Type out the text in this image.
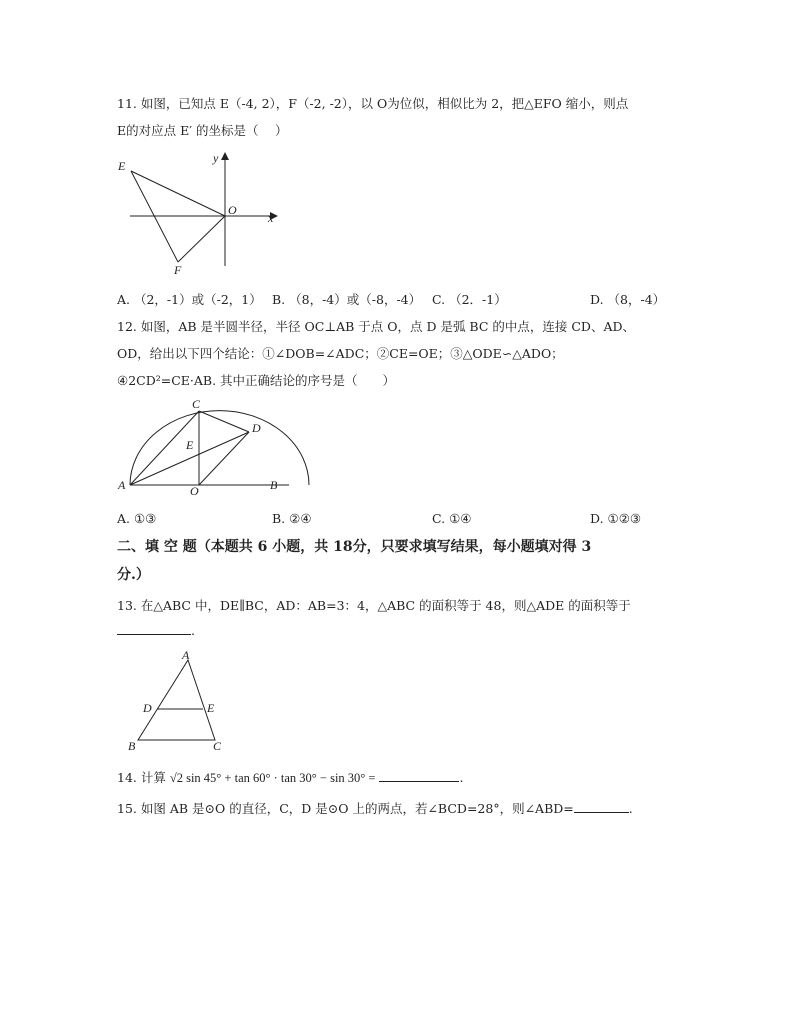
11. 如图，已知点 E（-4, 2），F（-2, -2），以 O为位似，相似比为 2，把△EFO 缩小，则点
E的对应点 E′ 的坐标是（　 ）
E
F
O
x
y
A. （2，-1）或（-2，1） B. （8，-4）或（-8，-4） C. （2．-1）	D. （8，-4）
12. 如图，AB 是半圆半径，半径 OC⊥AB 于点 O，点 D 是弧 BC 的中点，连接 CD、AD、
OD，给出以下四个结论：①∠DOB=∠ADC；②CE=OE；③△ODE∽△ADO；
④2CD²=CE·AB. 其中正确结论的序号是（　　）
A	B
C
D
E
O
A. ①③	B. ②④	C. ①④	D. ①②③
二、填 空 题（本题共 6 小题，共 18分，只要求填写结果，每小题填对得 3
分.）
13. 在△ABC 中，DE∥BC，AD：AB=3：4，△ABC 的面积等于 48，则△ADE 的面积等于
.
A
B	C
D	E
14. 计算 √2 sin 45° + tan 60° · tan 30° − sin 30° =	.
15. 如图 AB 是⊙O 的直径，C，D 是⊙O 上的两点，若∠BCD=28°，则∠ABD=	.
